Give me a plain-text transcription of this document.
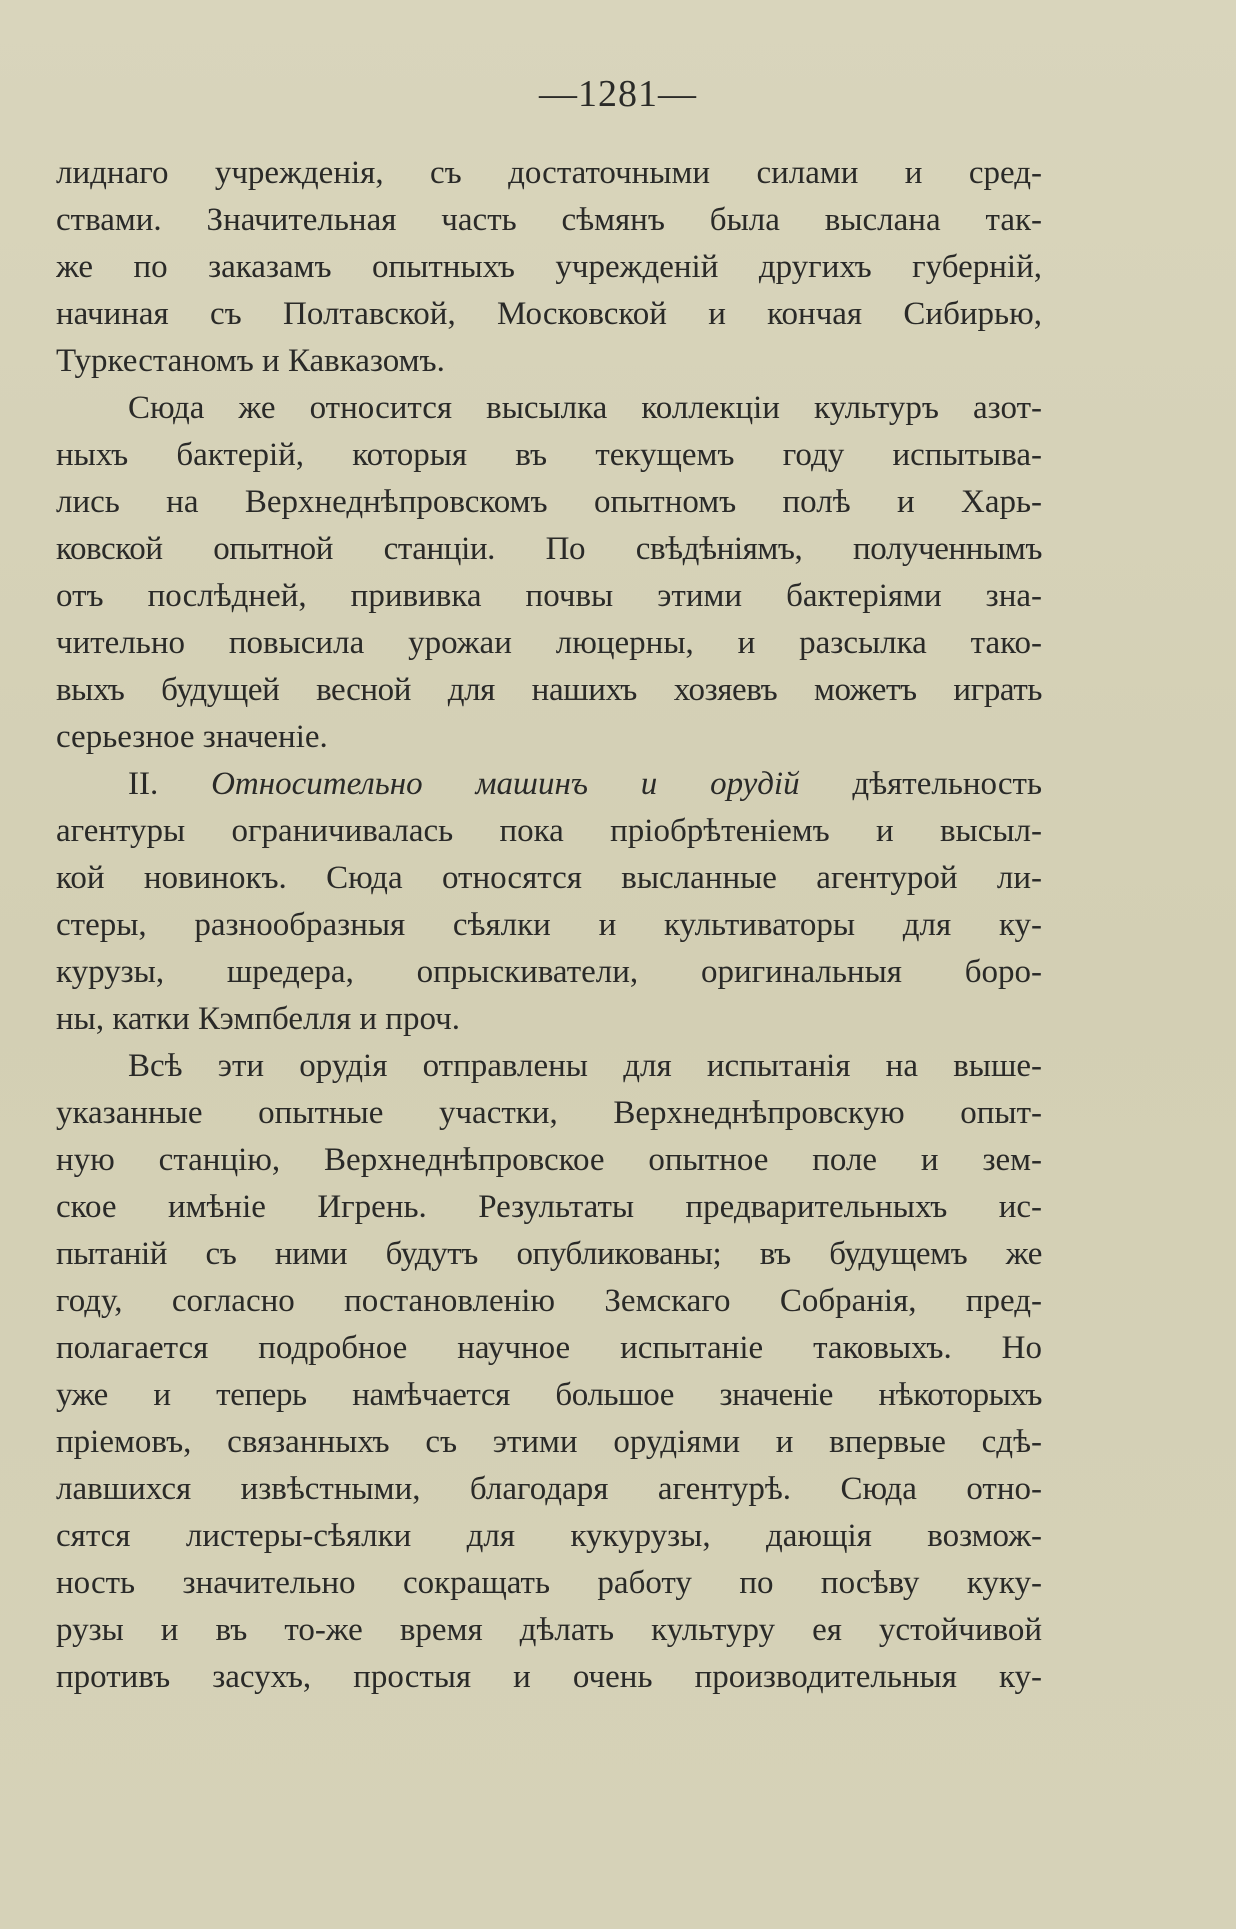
—1281—
лиднаго учрежденія, съ достаточными силами и сред-
ствами. Значительная часть сѣмянъ была выслана так-
же по заказамъ опытныхъ учрежденій другихъ губерній,
начиная съ Полтавской, Московской и кончая Сибирью,
Туркестаномъ и Кавказомъ.
Сюда же относится высылка коллекціи культуръ азот-
ныхъ бактерій, которыя въ текущемъ году испытыва-
лись на Верхнеднѣпровскомъ опытномъ полѣ и Харь-
ковской опытной станціи. По свѣдѣніямъ, полученнымъ
отъ послѣдней, прививка почвы этими бактеріями зна-
чительно повысила урожаи люцерны, и разсылка тако-
выхъ будущей весной для нашихъ хозяевъ можетъ играть
серьезное значеніе.
II. Относительно машинъ и орудій дѣятельность
агентуры ограничивалась пока пріобрѣтеніемъ и высыл-
кой новинокъ. Сюда относятся высланные агентурой ли-
стеры, разнообразныя сѣялки и культиваторы для ку-
курузы, шредера, опрыскиватели, оригинальныя боро-
ны, катки Кэмпбелля и проч.
Всѣ эти орудія отправлены для испытанія на выше-
указанные опытные участки, Верхнеднѣпровскую опыт-
ную станцію, Верхнеднѣпровское опытное поле и зем-
ское имѣніе Игрень. Результаты предварительныхъ ис-
пытаній съ ними будутъ опубликованы; въ будущемъ же
году, согласно постановленію Земскаго Собранія, пред-
полагается подробное научное испытаніе таковыхъ. Но
уже и теперь намѣчается большое значеніе нѣкоторыхъ
пріемовъ, связанныхъ съ этими орудіями и впервые сдѣ-
лавшихся извѣстными, благодаря агентурѣ. Сюда отно-
сятся листеры-сѣялки для кукурузы, дающія возмож-
ность значительно сокращать работу по посѣву куку-
рузы и въ то-же время дѣлать культуру ея устойчивой
противъ засухъ, простыя и очень производительныя ку-
